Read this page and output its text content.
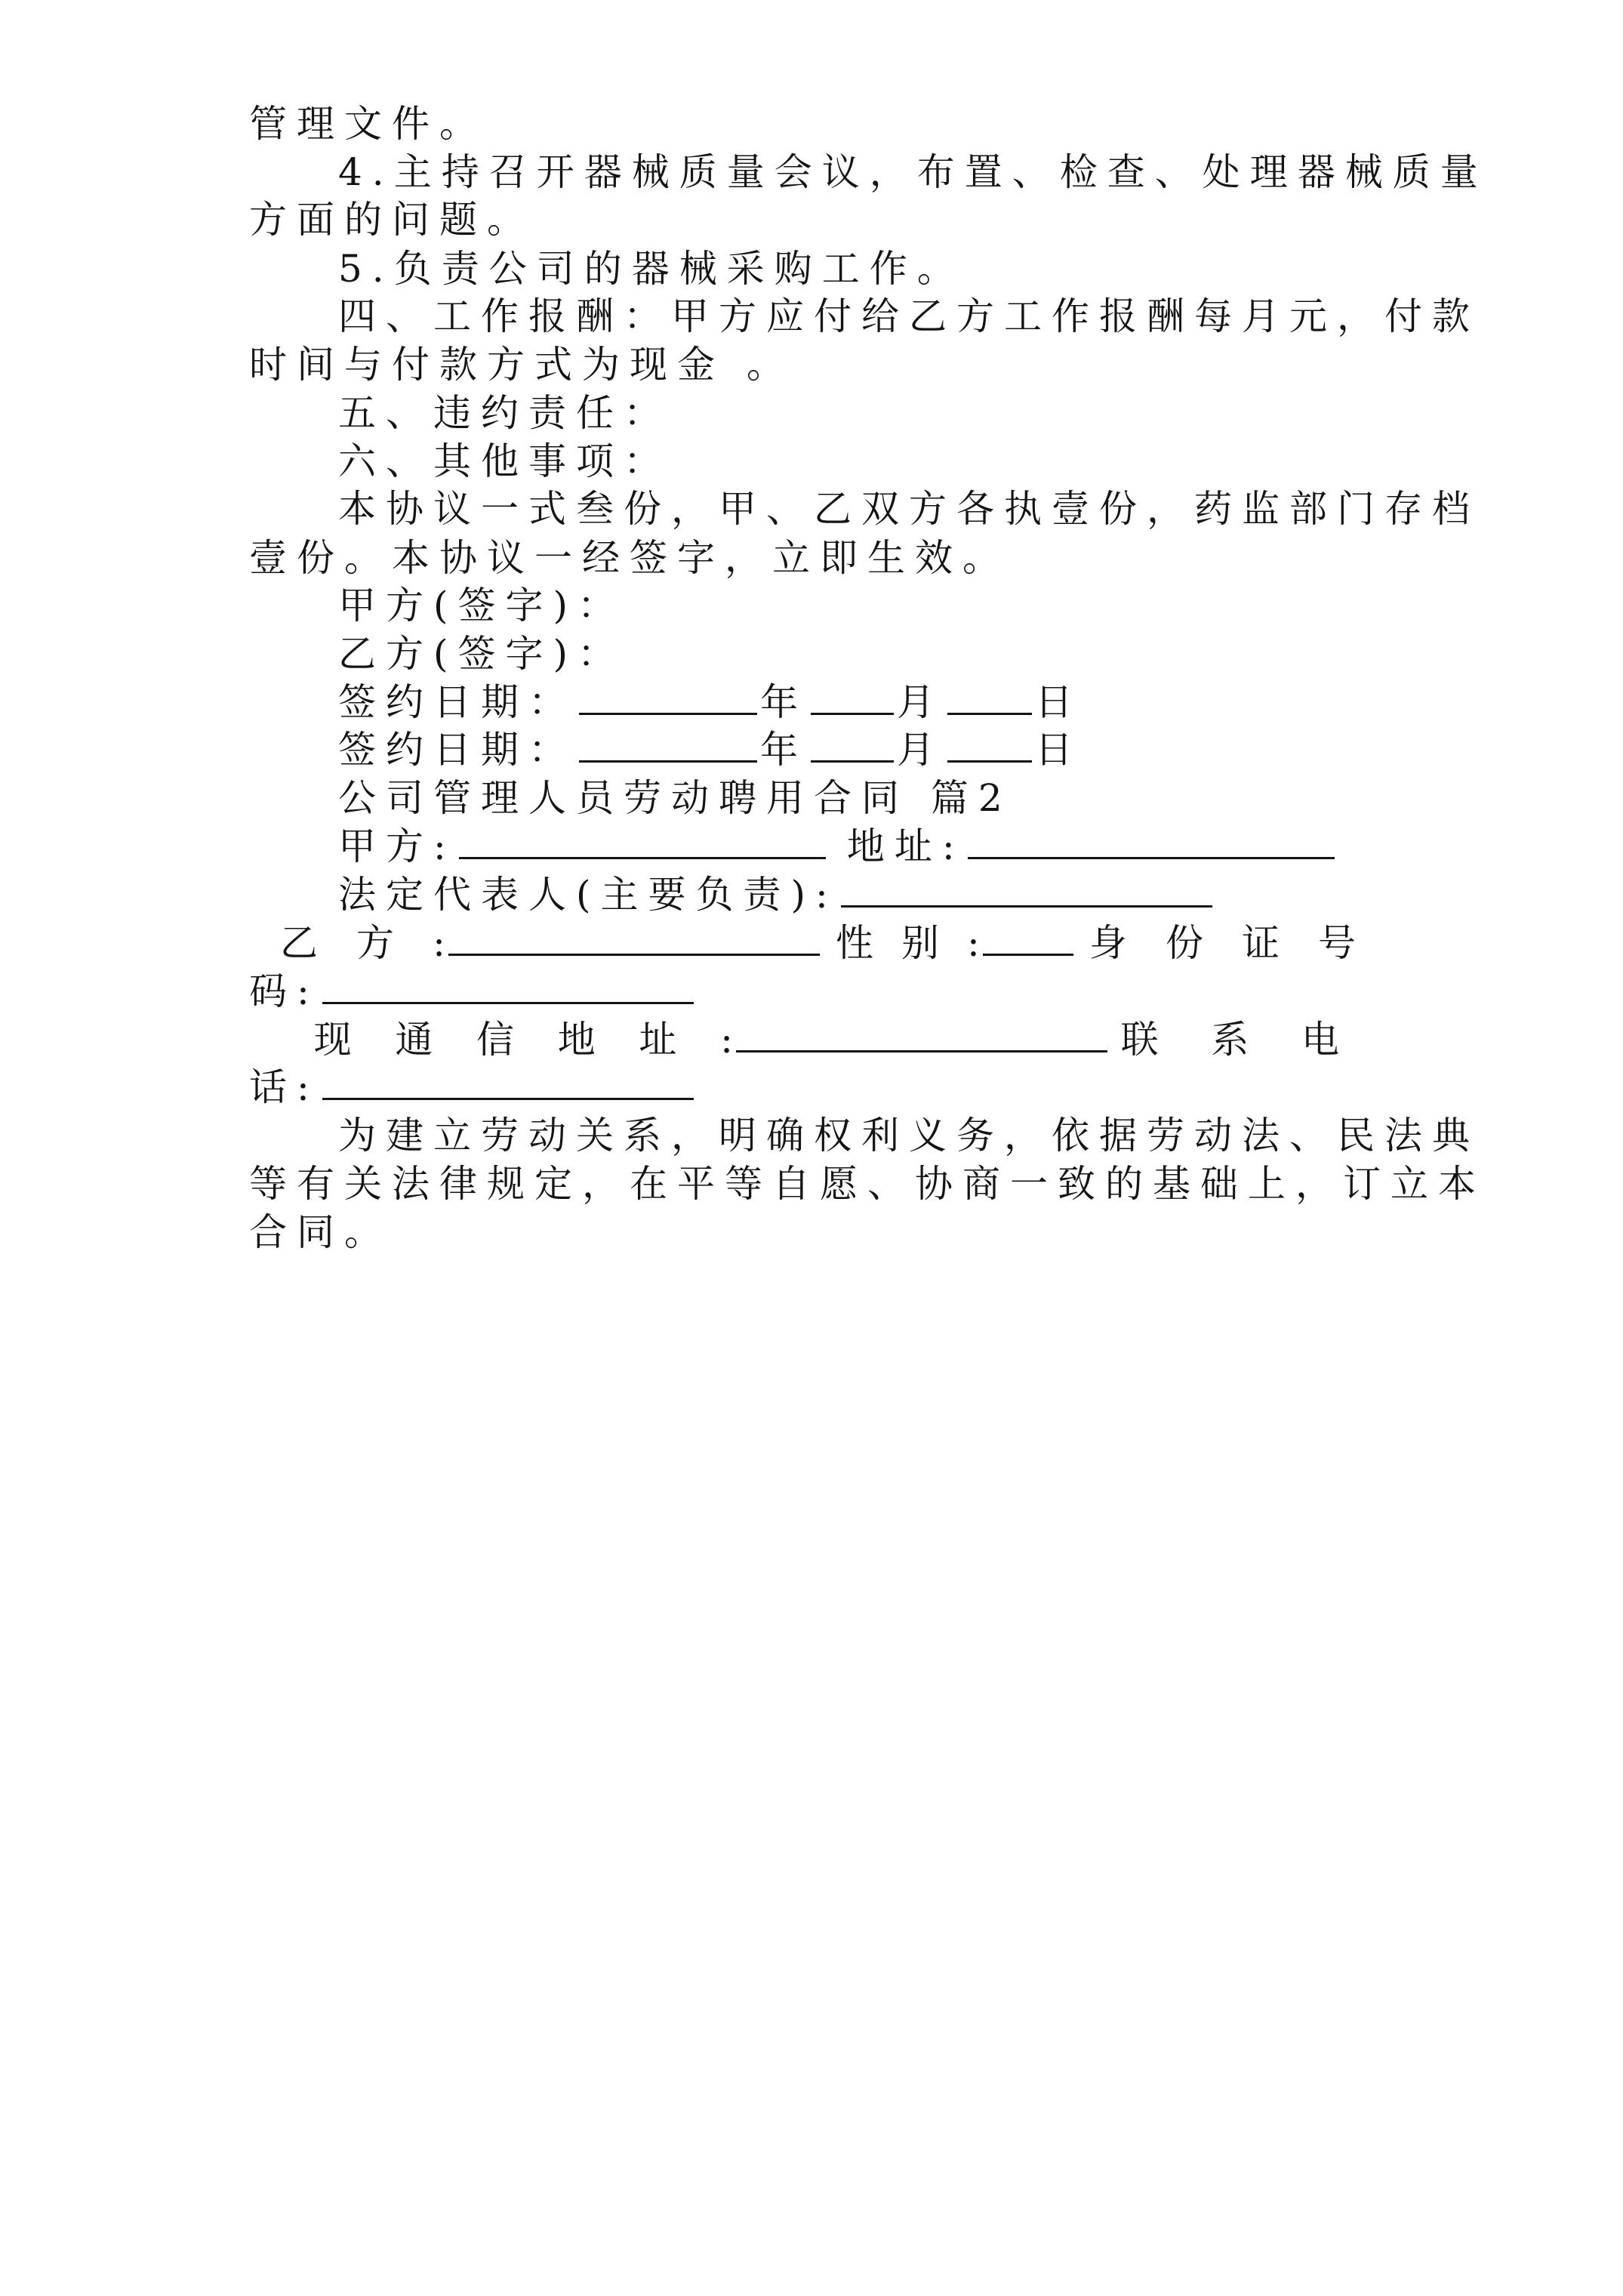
管理文件。
4.主持召开器械质量会议，布置、检查、处理器械质量
方面的问题。
5.负责公司的器械采购工作。
四、工作报酬：甲方应付给乙方工作报酬每月元，付款
时间与付款方式为现金 。
五、违约责任：
六、其他事项：
本协议一式叁份，甲、乙双方各执壹份，药监部门存档
壹份。本协议一经签字，立即生效。
甲方(签字)：
乙方(签字)：
签约日期：	年 月 日
签约日期：	年 月 日
公司管理人员劳动聘用合同 篇2
甲方:	地址:
法定代表人(主要负责):
乙方:	性别:	身份证号
码:
现通信地址:	联系电
话:
为建立劳动关系，明确权利义务，依据劳动法、民法典
等有关法律规定，在平等自愿、协商一致的基础上，订立本
合同。
